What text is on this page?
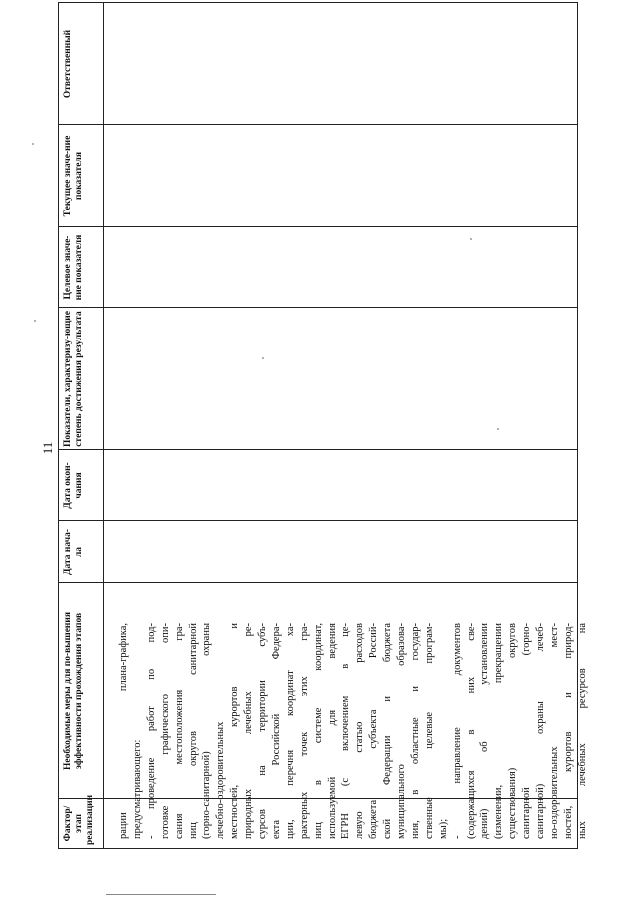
11
Фактор/этап реализации
Необходимые меры для по-вышения эффективности прохождения этапов
Дата нача-ла
Дата окон-чания
Показатели, характеризу-ющие степень достижения результата
Целевое значе-ние показателя
Текущее значе-ние показателя
Ответственный
рации плана-графика, предусматривающего: - проведение работ по под- готовке графического опи- сания местоположения гра- ниц округов санитарной (горно-санитарной) охраны лечебно-оздоровительных местностей, курортов и природных лечебных ре- сурсов на территории субъ- екта Российской Федера- ции, перечня координат ха- рактерных точек этих гра- ниц в системе координат, используемой для ведения ЕГРН (с включением в це- левую статью расходов бюджета субъекта Россий- ской Федерации и бюджета муниципального образова- ния, в областные и государ- ственные целевые програм- мы); - направление документов (содержащихся в них све- дений) об установлении (изменении, прекращении существования) округов санитарной (горно- санитарной) охраны лечеб- но-оздоровительных мест- ностей, курортов и природ- ных лечебных ресурсов на
